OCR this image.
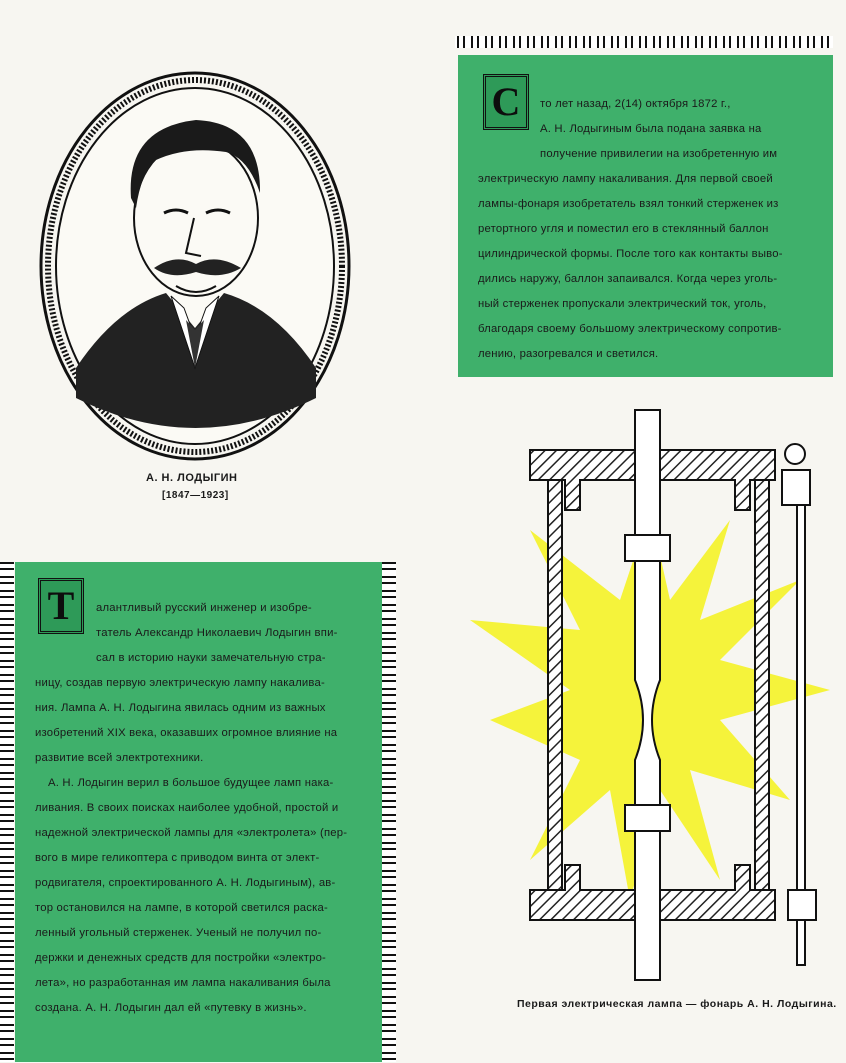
А. Н. ЛОДЫГИН
[1847—1923]
С	то лет назад, 2(14) октября 1872 г.,
А. Н. Лодыгиным была подана заявка на
получение привилегии на изобретенную им
электрическую лампу накаливания. Для первой своей
лампы-фонаря изобретатель взял тонкий стерженек из
ретортного угля и поместил его в стеклянный баллон
цилиндрической формы. После того как контакты выво-
дились наружу, баллон запаивался. Когда через уголь-
ный стерженек пропускали электрический ток, уголь,
благодаря своему большому электрическому сопротив-
лению, разогревался и светился.
Т	алантливый русский инженер и изобре-
татель Александр Николаевич Лодыгин впи-
сал в историю науки замечательную стра-
ницу, создав первую электрическую лампу накалива-
ния. Лампа А. Н. Лодыгина явилась одним из важных
изобретений XIX века, оказавших огромное влияние на
развитие всей электротехники.
А. Н. Лодыгин верил в большое будущее ламп нака-
ливания. В своих поисках наиболее удобной, простой и
надежной электрической лампы для «электролета» (пер-
вого в мире геликоптера с приводом винта от элект-
родвигателя, спроектированного А. Н. Лодыгиным), ав-
тор остановился на лампе, в которой светился раска-
ленный угольный стерженек. Ученый не получил по-
держки и денежных средств для постройки «электро-
лета», но разработанная им лампа накаливания была
создана. А. Н. Лодыгин дал ей «путевку в жизнь».	Первая электрическая лампа — фонарь А. Н. Лодыгина.
